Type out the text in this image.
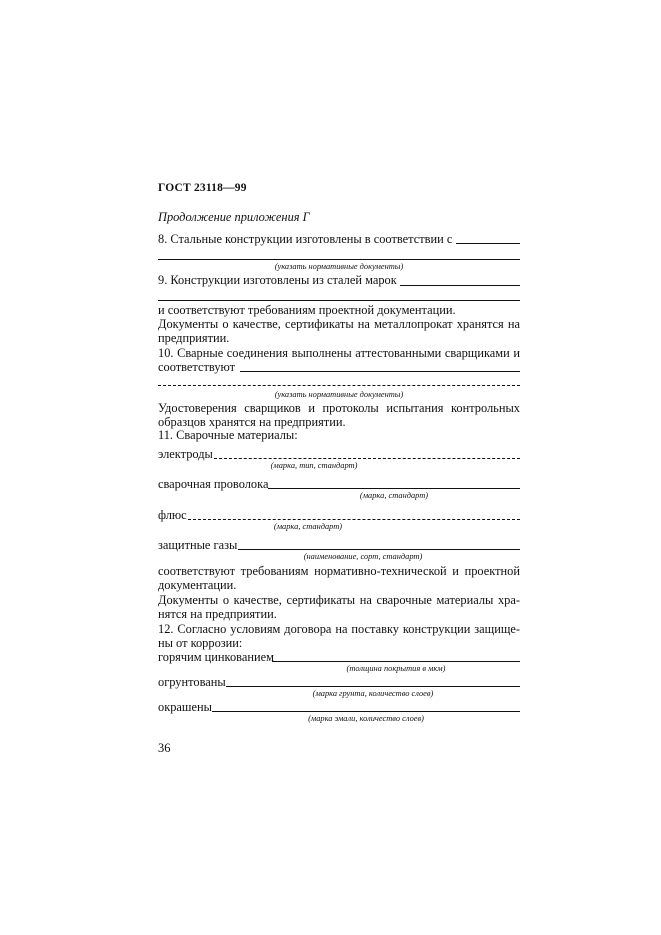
ГОСТ 23118—99
Продолжение приложения Г
8. Стальные конструкции изготовлены в соответствии с
(указать нормативные документы)
9. Конструкции изготовлены из сталей марок
и соответствуют требованиям проектной документации.
Документы о качестве, сертификаты на металлопрокат хранятся на
предприятии.
10. Сварные соединения выполнены аттестованными сварщиками и
соответствуют
(указать нормативные документы)
Удостоверения сварщиков и протоколы испытания контрольных
образцов хранятся на предприятии.
11. Сварочные материалы:
электроды
(марка, тип, стандарт)
сварочная проволока
(марка, стандарт)
флюс
(марка, стандарт)
защитные газы
(наименование, сорт, стандарт)
соответствуют требованиям нормативно-технической и проектной
документации.
Документы о качестве, сертификаты на сварочные материалы хра-
нятся на предприятии.
12. Согласно условиям договора на поставку конструкции защище-
ны от коррозии:
горячим цинкованием
(толщина покрытия в мкм)
огрунтованы
(марка грунта, количество слоев)
окрашены
(марка эмали, количество слоев)
36
